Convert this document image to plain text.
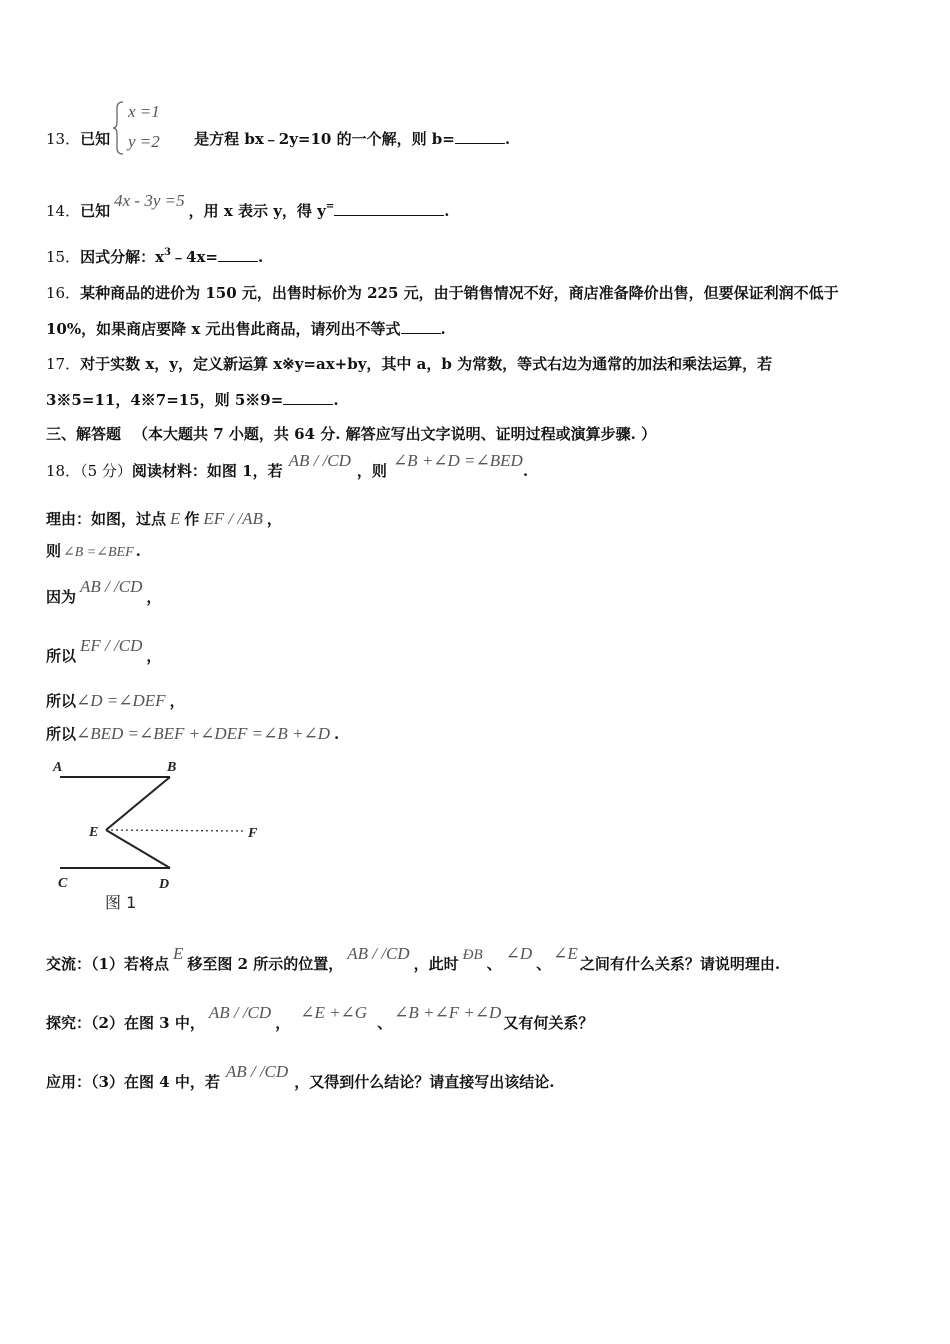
13．已知	是方程 bx﹣2y=10 的一个解，则 b=	.
x =1
y =2
14．已知4x - 3y =5，用 x 表示 y，得 y=	.
15．因式分解：$x^3﹣4x=$	.
16．某种商品的进价为 150 元，出售时标价为 225 元，由于销售情况不好，商店准备降价出售，但要保证利润不低于
10%，如果商店要降 x 元出售此商品，请列出不等式	.
17．对于实数 x，y，定义新运算 x※y=ax+by，其中 a，b 为常数，等式右边为通常的加法和乘法运算，若
3※5=11，4※7=15，则 5※9=	.
三、解答题 （本大题共 7 小题，共 64 分. 解答应写出文字说明、证明过程或演算步骤. ）
18．（5 分）阅读材料：如图 1，若AB / /CD，则∠B +∠D =∠BED.
理由：如图，过点 E 作 EF / /AB ，
则 ∠B =∠BEF .
因为AB / /CD，
所以EF / /CD，
所以∠D =∠DEF ，
所以∠BED =∠BEF +∠DEF =∠B +∠D .
A	B
E	F
C	D
图 1
交流：（1）若将点E移至图 2 所示的位置，AB / /CD，此时 ÐB 、∠D、∠E之间有什么关系？请说明理由.
探究：（2）在图 3 中，AB / /CD，∠E +∠G、∠B +∠F +∠D又有何关系？
应用：（3）在图 4 中，若AB / /CD，又得到什么结论？请直接写出该结论.
